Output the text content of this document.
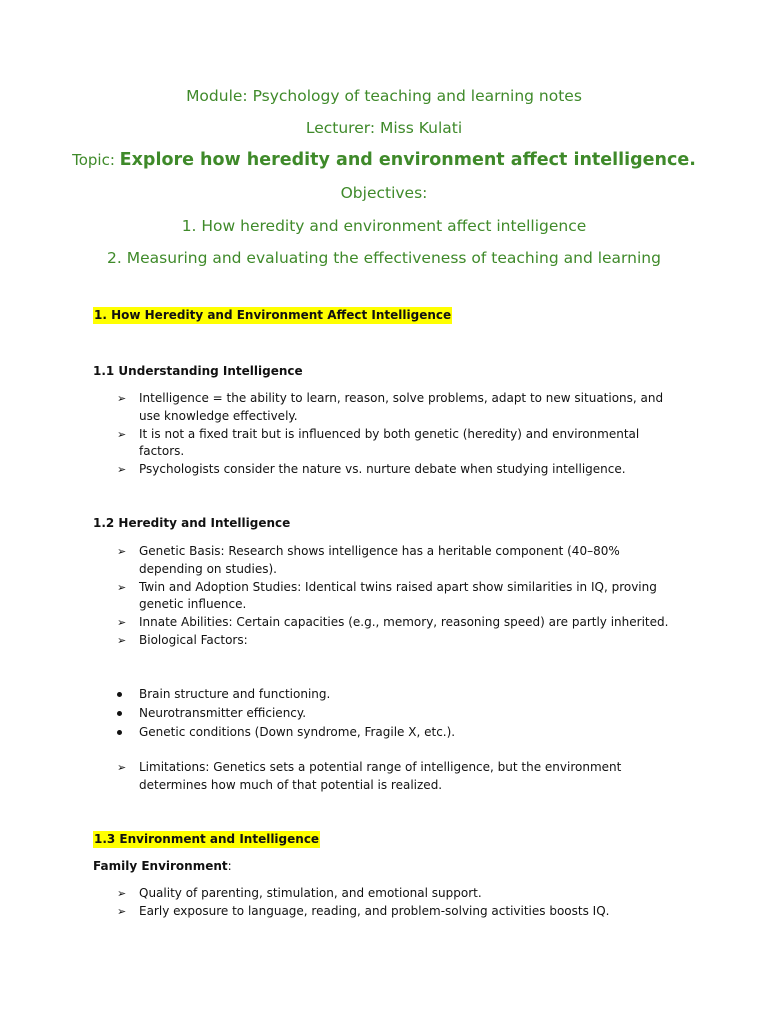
Module: Psychology of teaching and learning notes
Lecturer: Miss Kulati
Topic: Explore how heredity and environment affect intelligence.
Objectives:
1. How heredity and environment affect intelligence
2. Measuring and evaluating the effectiveness of teaching and learning
1. How Heredity and Environment Affect Intelligence
1.1 Understanding Intelligence
➢	Intelligence = the ability to learn, reason, solve problems, adapt to new situations, and use knowledge effectively.
➢	It is not a fixed trait but is influenced by both genetic (heredity) and environmental factors.
➢	Psychologists consider the nature vs. nurture debate when studying intelligence.
1.2 Heredity and Intelligence
➢	Genetic Basis: Research shows intelligence has a heritable component (40–80% depending on studies).
➢	Twin and Adoption Studies: Identical twins raised apart show similarities in IQ, proving genetic influence.
➢	Innate Abilities: Certain capacities (e.g., memory, reasoning speed) are partly inherited.
➢	Biological Factors:
Brain structure and functioning.
Neurotransmitter efficiency.
Genetic conditions (Down syndrome, Fragile X, etc.).
➢	Limitations: Genetics sets a potential range of intelligence, but the environment determines how much of that potential is realized.
1.3 Environment and Intelligence
Family Environment:
➢	Quality of parenting, stimulation, and emotional support.
➢	Early exposure to language, reading, and problem-solving activities boosts IQ.
